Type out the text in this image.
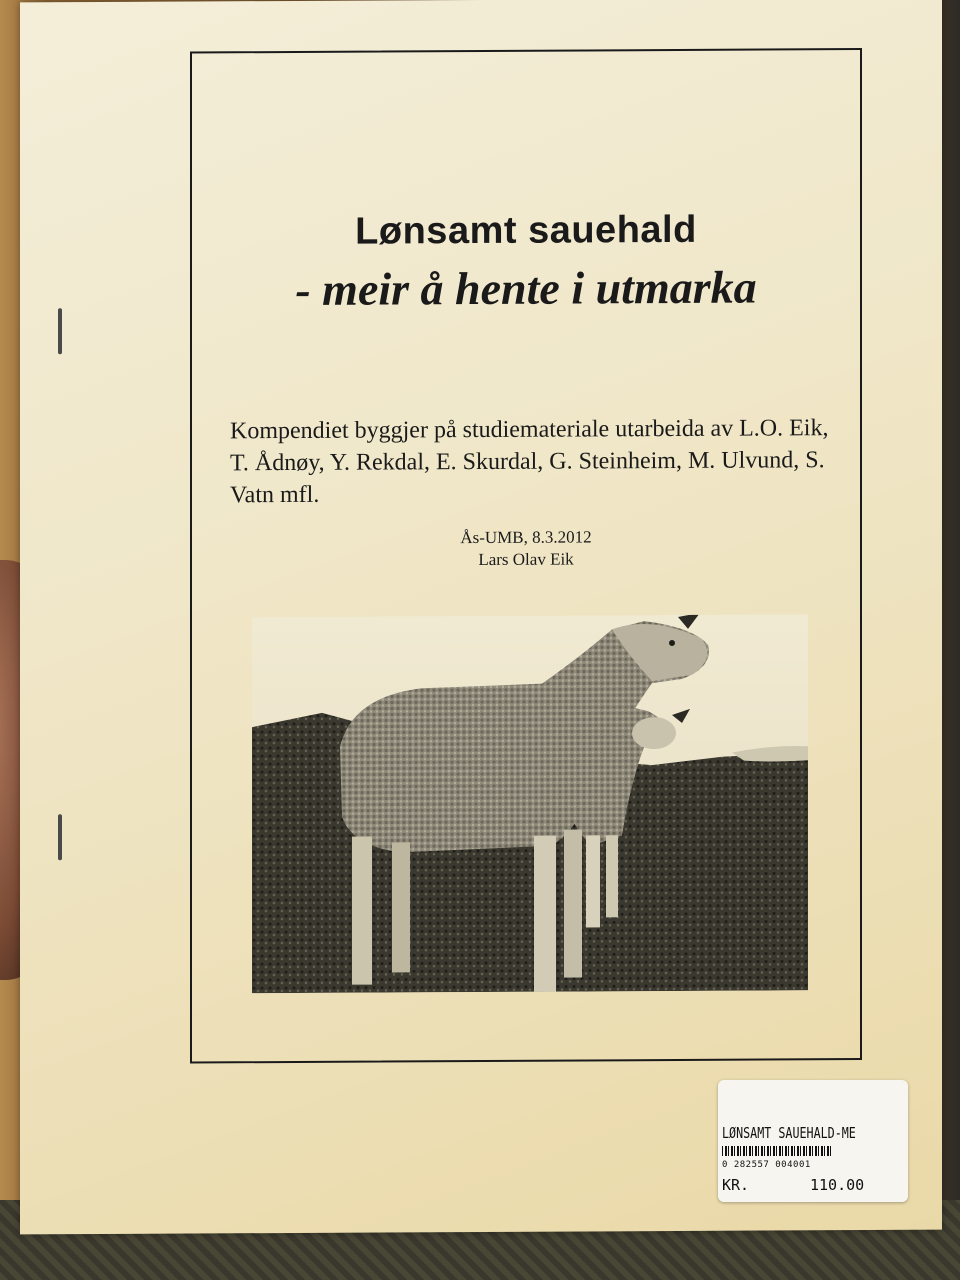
Lønsamt sauehald
- meir å hente i utmarka
Kompendiet byggjer på studiemateriale utarbeida av L.O. Eik, T. Ådnøy, Y. Rekdal, E. Skurdal, G. Steinheim, M. Ulvund, S. Vatn mfl.
Ås-UMB, 8.3.2012
Lars Olav Eik
LØNSAMT SAUEHALD-ME
0 282557 004001
KR.	110.00
